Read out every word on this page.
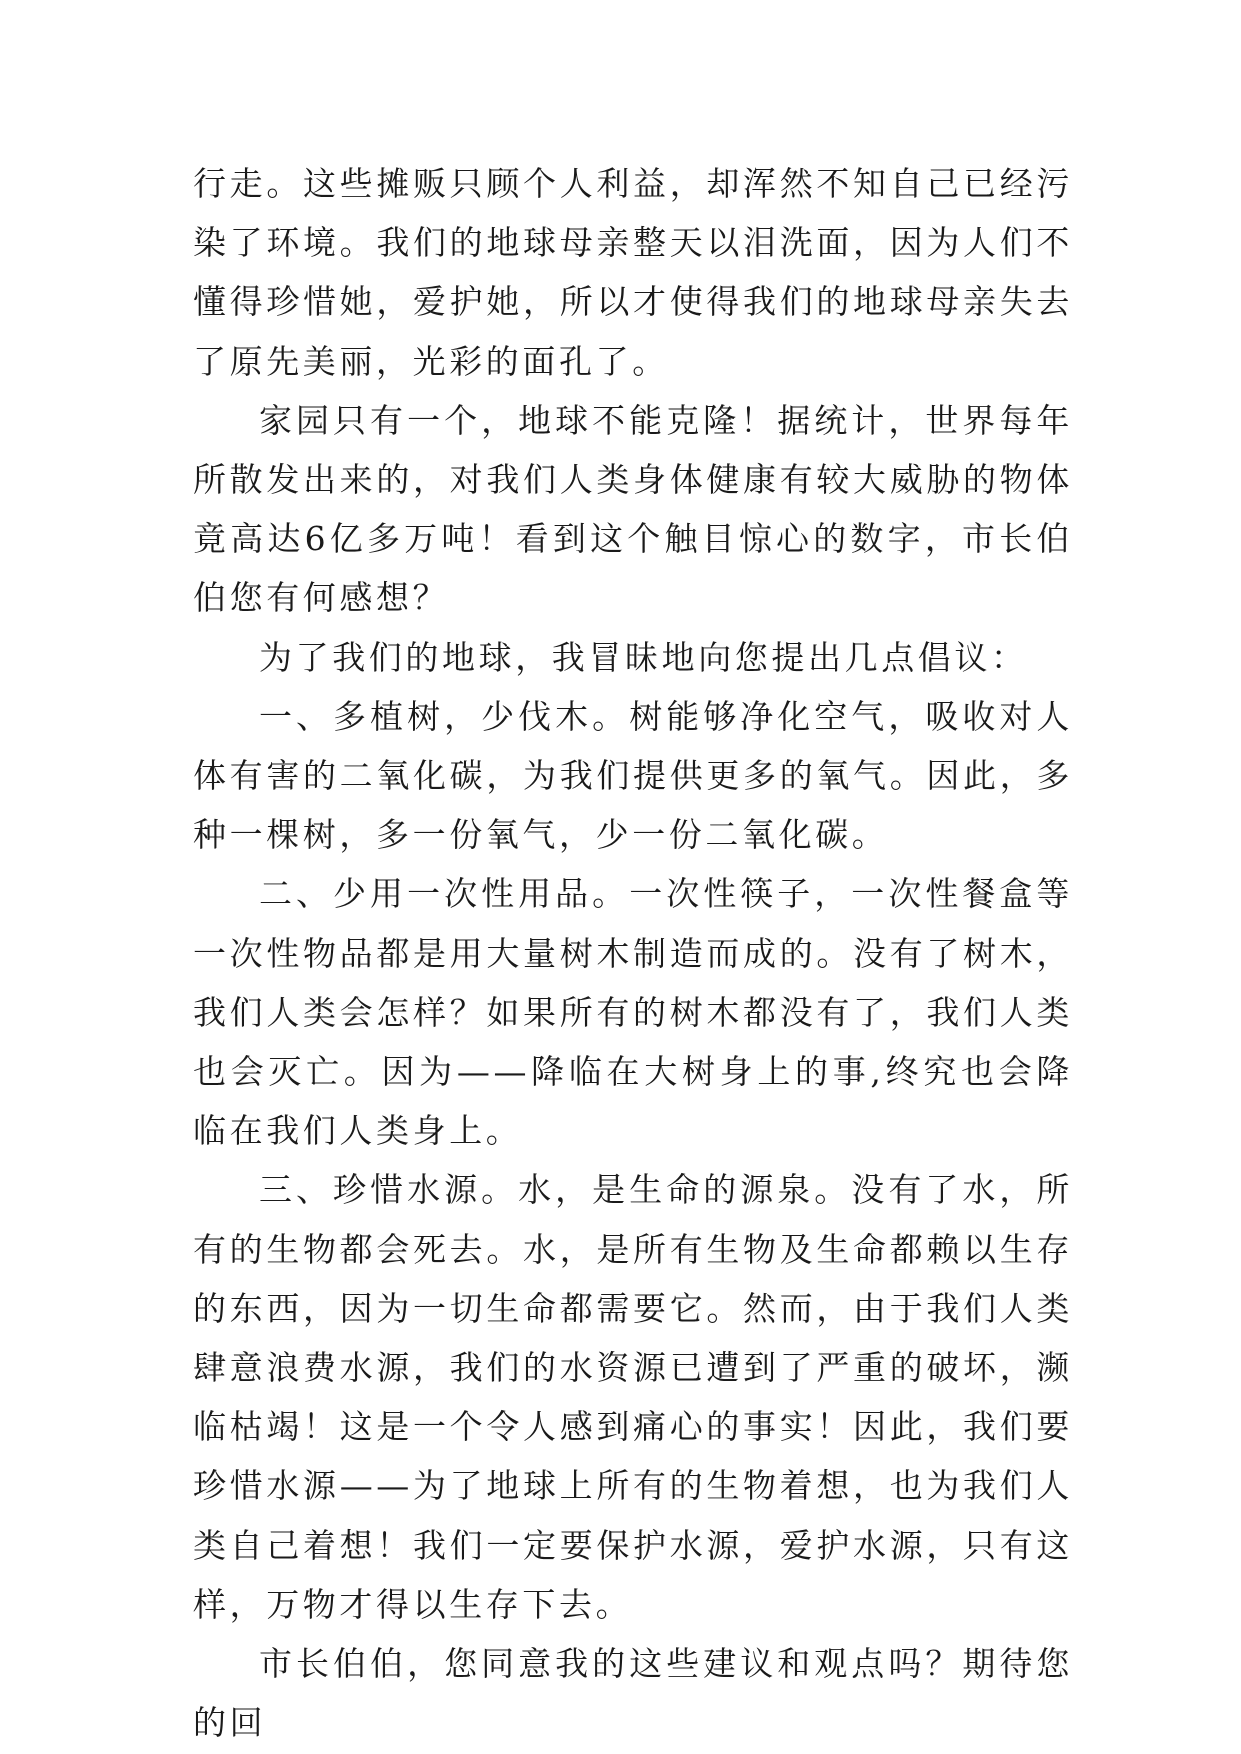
行走。这些摊贩只顾个人利益，却浑然不知自己已经污染了环境。我们的地球母亲整天以泪洗面，因为人们不懂得珍惜她，爱护她，所以才使得我们的地球母亲失去了原先美丽，光彩的面孔了。

家园只有一个，地球不能克隆！据统计，世界每年所散发出来的，对我们人类身体健康有较大威胁的物体竟高达6亿多万吨！看到这个触目惊心的数字，市长伯伯您有何感想？

为了我们的地球，我冒昧地向您提出几点倡议：

一、多植树，少伐木。树能够净化空气，吸收对人体有害的二氧化碳，为我们提供更多的氧气。因此，多种一棵树，多一份氧气，少一份二氧化碳。

二、少用一次性用品。一次性筷子，一次性餐盒等一次性物品都是用大量树木制造而成的。没有了树木，我们人类会怎样？如果所有的树木都没有了，我们人类也会灭亡。因为——降临在大树身上的事,终究也会降临在我们人类身上。

三、珍惜水源。水，是生命的源泉。没有了水，所有的生物都会死去。水，是所有生物及生命都赖以生存的东西，因为一切生命都需要它。然而，由于我们人类肆意浪费水源，我们的水资源已遭到了严重的破坏，濒临枯竭！这是一个令人感到痛心的事实！因此，我们要珍惜水源——为了地球上所有的生物着想，也为我们人类自己着想！我们一定要保护水源，爱护水源，只有这样，万物才得以生存下去。

市长伯伯，您同意我的这些建议和观点吗？期待您的回
